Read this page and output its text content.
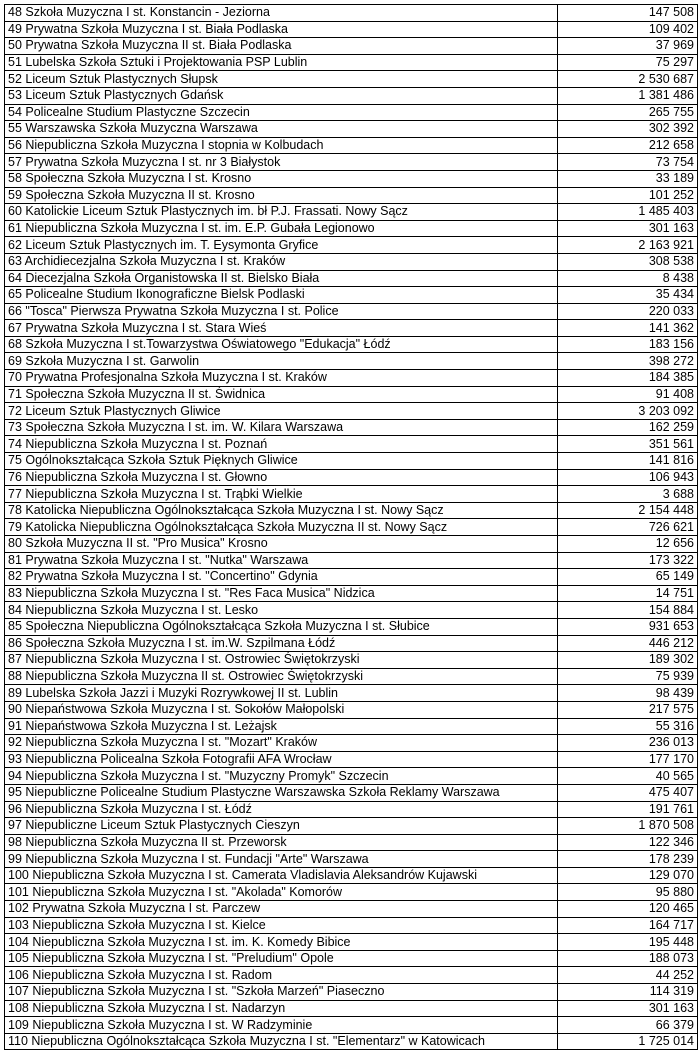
48 Szkoła Muzyczna I st. Konstancin - Jeziorna	147 508
49 Prywatna Szkoła Muzyczna I st. Biała Podlaska	109 402
50 Prywatna Szkoła Muzyczna II st. Biała Podlaska	37 969
51 Lubelska Szkoła Sztuki i Projektowania PSP Lublin	75 297
52 Liceum Sztuk Plastycznych Słupsk	2 530 687
53 Liceum Sztuk Plastycznych Gdańsk	1 381 486
54 Policealne Studium Plastyczne Szczecin	265 755
55 Warszawska Szkoła Muzyczna Warszawa	302 392
56 Niepubliczna Szkoła Muzyczna I stopnia w Kolbudach	212 658
57 Prywatna Szkoła Muzyczna I st. nr 3 Białystok	73 754
58 Społeczna Szkoła Muzyczna I st. Krosno	33 189
59 Społeczna Szkoła Muzyczna II st. Krosno	101 252
60 Katolickie Liceum Sztuk Plastycznych im. bł P.J. Frassati. Nowy Sącz	1 485 403
61 Niepubliczna Szkoła Muzyczna I st. im. E.P. Gubała Legionowo	301 163
62 Liceum Sztuk Plastycznych im. T. Eysymonta Gryfice	2 163 921
63 Archidiecezjalna Szkoła Muzyczna I st. Kraków	308 538
64 Diecezjalna Szkoła Organistowska II st. Bielsko Biała	8 438
65 Policealne Studium Ikonograficzne Bielsk Podlaski	35 434
66 "Tosca" Pierwsza Prywatna Szkoła Muzyczna I st. Police	220 033
67 Prywatna Szkoła Muzyczna I st. Stara Wieś	141 362
68 Szkoła Muzyczna I st.Towarzystwa Oświatowego "Edukacja" Łódź	183 156
69 Szkoła Muzyczna I st. Garwolin	398 272
70 Prywatna Profesjonalna Szkoła Muzyczna I st. Kraków	184 385
71 Społeczna Szkoła Muzyczna II st. Świdnica	91 408
72 Liceum Sztuk Plastycznych Gliwice	3 203 092
73 Społeczna Szkoła Muzyczna I st. im. W. Kilara Warszawa	162 259
74 Niepubliczna Szkoła Muzyczna I st. Poznań	351 561
75 Ogólnokształcąca Szkoła Sztuk Pięknych Gliwice	141 816
76 Niepubliczna Szkoła Muzyczna I st. Głowno	106 943
77 Niepubliczna Szkoła Muzyczna I st. Trąbki Wielkie	3 688
78 Katolicka Niepubliczna Ogólnokształcąca Szkoła Muzyczna I st. Nowy Sącz	2 154 448
79 Katolicka Niepubliczna Ogólnokształcąca Szkoła Muzyczna II st. Nowy Sącz	726 621
80 Szkoła Muzyczna II st. "Pro Musica" Krosno	12 656
81 Prywatna Szkoła Muzyczna I st. "Nutka" Warszawa	173 322
82 Prywatna Szkoła Muzyczna I st. "Concertino" Gdynia	65 149
83 Niepubliczna Szkoła Muzyczna I st. "Res Faca Musica" Nidzica	14 751
84 Niepubliczna Szkoła Muzyczna I st. Lesko	154 884
85 Społeczna Niepubliczna Ogólnokształcąca Szkoła Muzyczna I st. Słubice	931 653
86 Społeczna Szkoła Muzyczna I st. im.W. Szpilmana Łódź	446 212
87 Niepubliczna Szkoła Muzyczna I st. Ostrowiec Świętokrzyski	189 302
88 Niepubliczna Szkoła Muzyczna II st. Ostrowiec Świętokrzyski	75 939
89 Lubelska Szkoła Jazzi i Muzyki Rozrywkowej II st. Lublin	98 439
90 Niepaństwowa Szkoła Muzyczna I st. Sokołów Małopolski	217 575
91 Niepaństwowa Szkoła Muzyczna I st. Leżajsk	55 316
92 Niepubliczna Szkoła Muzyczna I st. "Mozart" Kraków	236 013
93 Niepubliczna Policealna Szkoła Fotografii AFA Wrocław	177 170
94 Niepubliczna Szkoła Muzyczna I st. "Muzyczny Promyk" Szczecin	40 565
95 Niepubliczne Policealne Studium Plastyczne Warszawska Szkoła Reklamy Warszawa	475 407
96 Niepubliczna Szkoła Muzyczna I st. Łódź	191 761
97 Niepubliczne Liceum Sztuk Plastycznych Cieszyn	1 870 508
98 Niepubliczna Szkoła Muzyczna II st. Przeworsk	122 346
99 Niepubliczna Szkoła Muzyczna I st. Fundacji "Arte" Warszawa	178 239
100 Niepubliczna Szkoła Muzyczna I st. Camerata Vladislavia Aleksandrów Kujawski	129 070
101 Niepubliczna Szkoła Muzyczna I st. "Akolada" Komorów	95 880
102 Prywatna Szkoła Muzyczna I st. Parczew	120 465
103 Niepubliczna Szkoła Muzyczna I st. Kielce	164 717
104 Niepubliczna Szkoła Muzyczna I st. im. K. Komedy Bibice	195 448
105 Niepubliczna Szkoła Muzyczna I st. "Preludium" Opole	188 073
106 Niepubliczna Szkoła Muzyczna I st. Radom	44 252
107 Niepubliczna Szkoła Muzyczna I st. "Szkoła Marzeń" Piaseczno	114 319
108 Niepubliczna Szkoła Muzyczna I st. Nadarzyn	301 163
109 Niepubliczna Szkoła Muzyczna I st. W Radzyminie	66 379
110 Niepubliczna Ogólnokształcąca Szkoła Muzyczna I st. "Elementarz" w Katowicach	1 725 014
